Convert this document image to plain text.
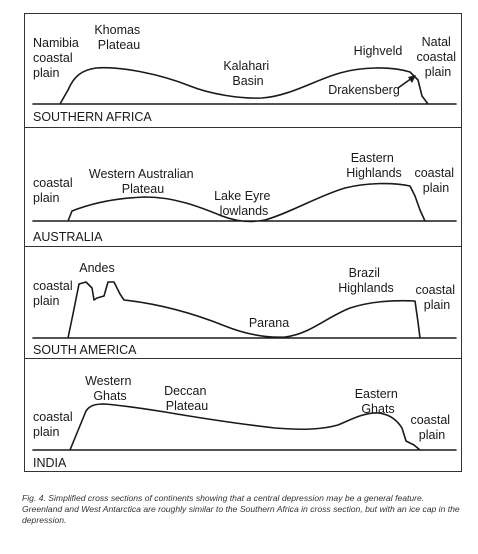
SOUTHERN AFRICA
Namibia coastal plain
Khomas Plateau
Kalahari Basin
Highveld
Natal coastal plain
Drakensberg
AUSTRALIA
coastal plain
Western Australian Plateau	Lake Eyre lowlands
Eastern Highlands coastal plain
SOUTH AMERICA
coastal plain
Andes
Parana
Brazil Highlands coastal plain
INDIA
coastal plain
Western Ghats	Deccan Plateau
Eastern Ghats
coastal plain

Fig. 4. Simplified cross sections of continents showing that a central depression may be a general feature. Greenland and West Antarctica are roughly similar to the Southern Africa in cross section, but with an ice cap in the depression.
